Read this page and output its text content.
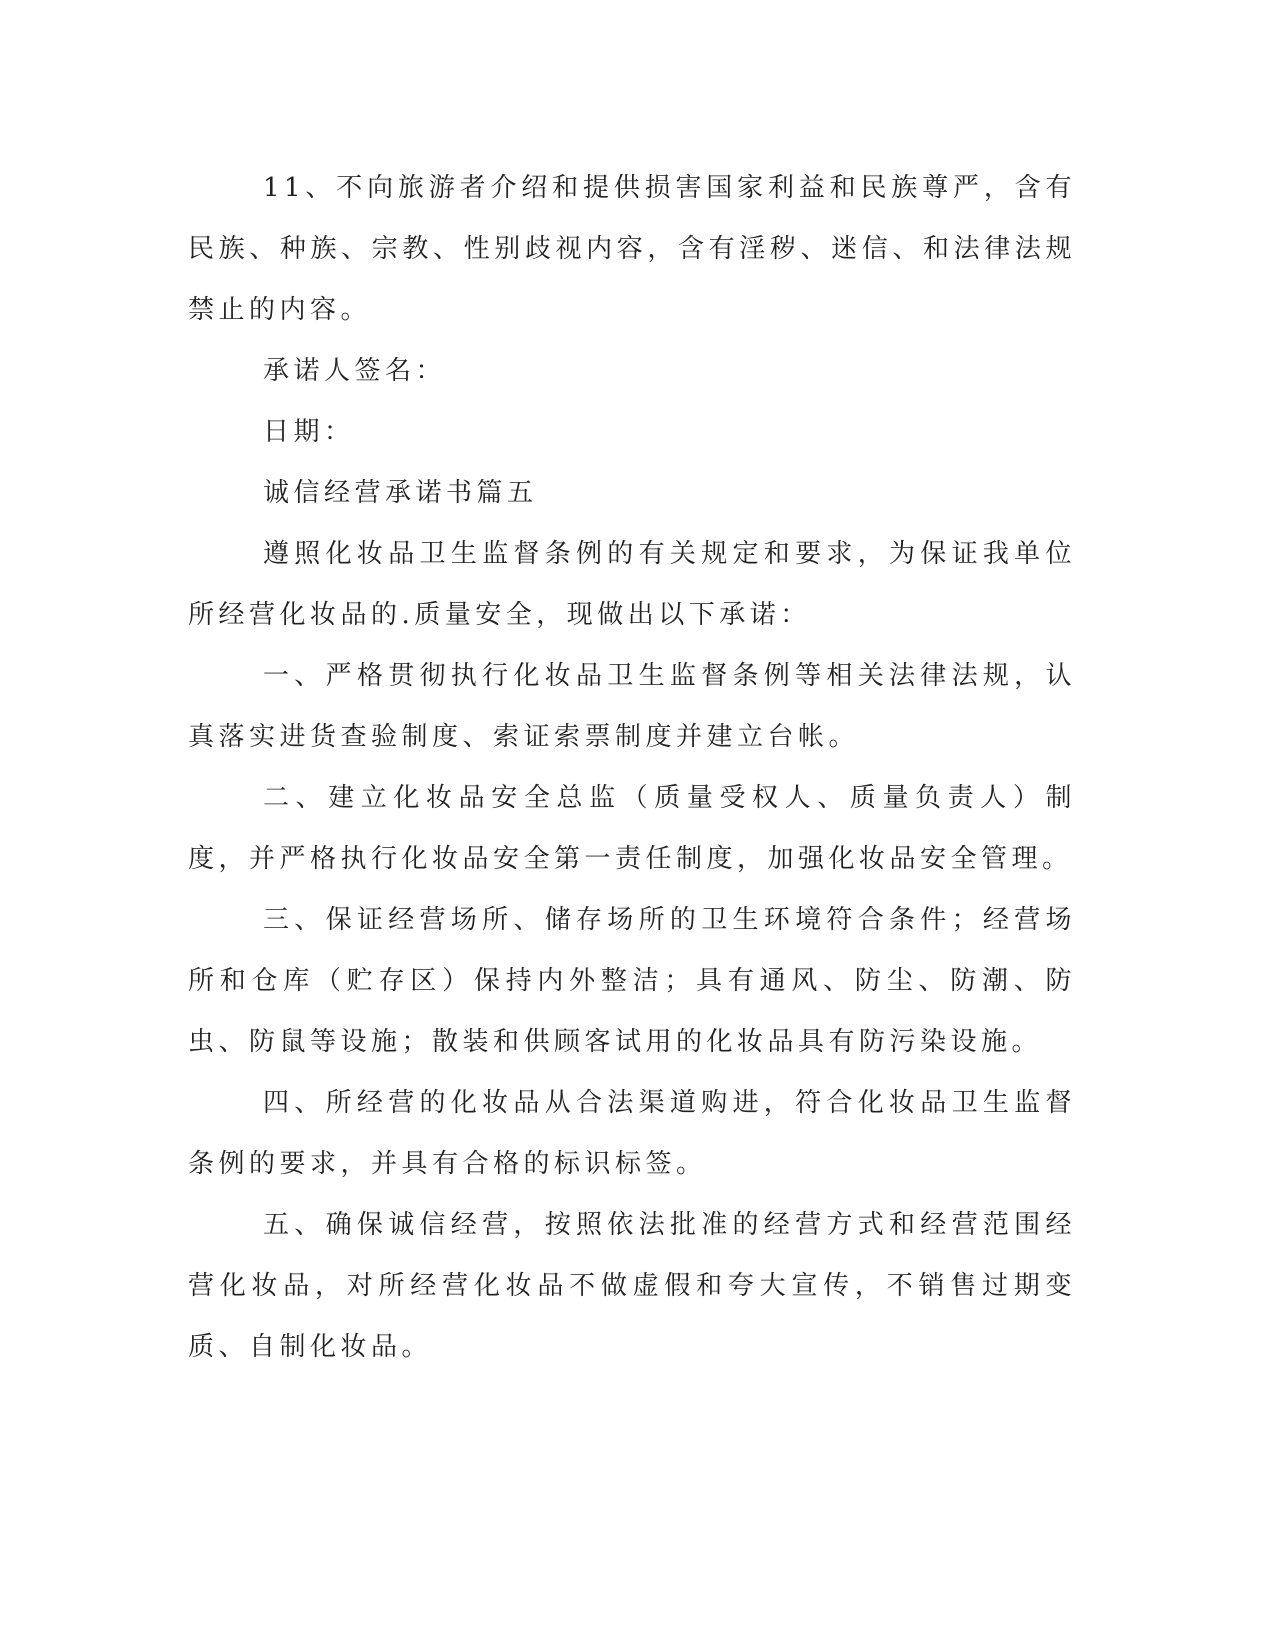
11、不向旅游者介绍和提供损害国家利益和民族尊严，含有民族、种族、宗教、性别歧视内容，含有淫秽、迷信、和法律法规禁止的内容。

承诺人签名：

日期：

诚信经营承诺书篇五

遵照化妆品卫生监督条例的有关规定和要求，为保证我单位所经营化妆品的.质量安全，现做出以下承诺：

一、严格贯彻执行化妆品卫生监督条例等相关法律法规，认真落实进货查验制度、索证索票制度并建立台帐。

二、建立化妆品安全总监（质量受权人、质量负责人）制度，并严格执行化妆品安全第一责任制度，加强化妆品安全管理。

三、保证经营场所、储存场所的卫生环境符合条件；经营场所和仓库（贮存区）保持内外整洁；具有通风、防尘、防潮、防虫、防鼠等设施；散装和供顾客试用的化妆品具有防污染设施。

四、所经营的化妆品从合法渠道购进，符合化妆品卫生监督条例的要求，并具有合格的标识标签。

五、确保诚信经营，按照依法批准的经营方式和经营范围经营化妆品，对所经营化妆品不做虚假和夸大宣传，不销售过期变质、自制化妆品。
